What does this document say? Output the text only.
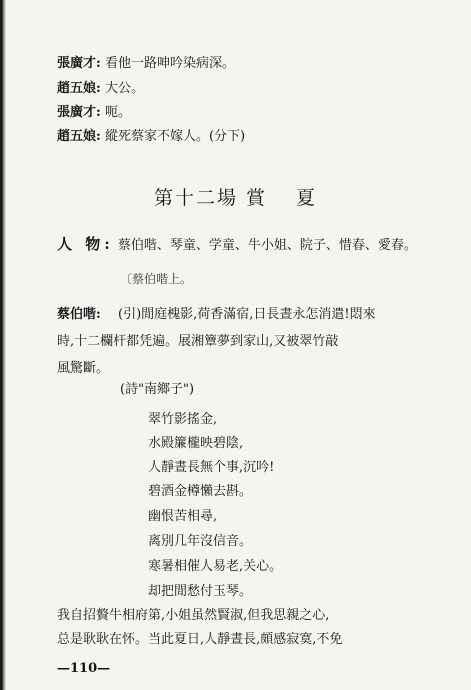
張廣才: 看他一路呻吟染病深。
趙五娘: 大公。
張廣才: 呃。
趙五娘: 縱死蔡家不嫁人。(分下)
第十二場 賞　 夏
人 物: 蔡伯喈、琴童、学童、牛小姐、院子、惜春、愛春。
〔蔡伯喈上。
蔡伯喈: (引)閒庭槐影,荷香滿宿,日長晝永怎消遣!悶來
時,十二欄杆都凭遍。展湘簟夢到家山,又被翠竹敲
風驚斷。
(詩"南鄉子")
翠竹影搖金,
水殿簾櫳映碧陰,
人靜晝長無个事,沉吟!
碧酒金樽懶去斟。
幽恨苦相尋,
离別几年沒信音。
寒暑相催人易老,关心。
却把閒愁付玉琴。
我自招贅牛相府第,小姐虽然賢淑,但我思親之心,
总是耿耿在怀。当此夏日,人靜晝長,頗感寂寞,不免
—110—
